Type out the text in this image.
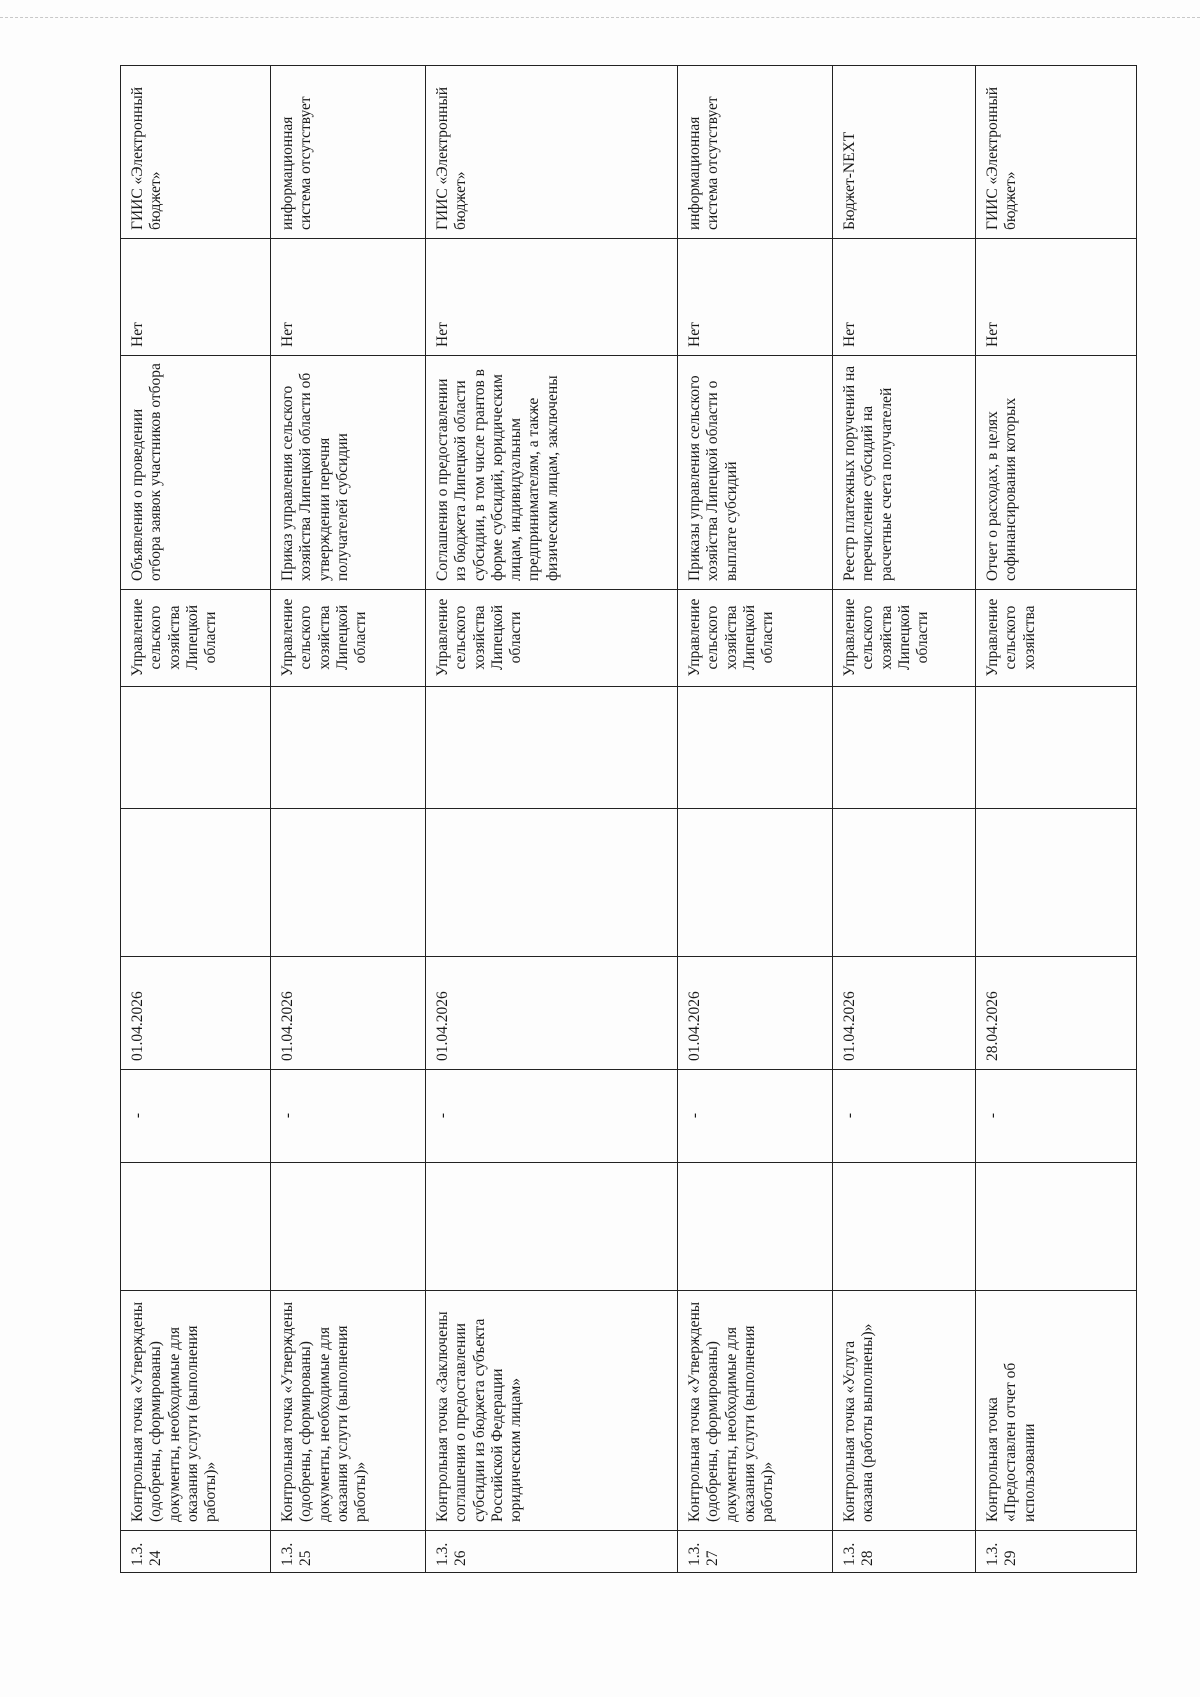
1.3.24	Контрольная точка «Утверждены (одобрены, сформированы) документы, необходимые для оказания услуги (выполнения работы)»		-	01.04.2026			Управление сельского хозяйства Липецкой области	Объявления о проведении отбора заявок участников отбора	Нет	ГИИС «Электронный бюджет»
1.3.25	Контрольная точка «Утверждены (одобрены, сформированы) документы, необходимые для оказания услуги (выполнения работы)»		-	01.04.2026			Управление сельского хозяйства Липецкой области	Приказ управления сельского хозяйства Липецкой области об утверждении перечня получателей субсидии	Нет	информационная система отсутствует
1.3.26	Контрольная точка «Заключены соглашения о предоставлении субсидии из бюджета субъекта Российской Федерации юридическим лицам»		-	01.04.2026			Управление сельского хозяйства Липецкой области	Соглашения о предоставлении из бюджета Липецкой области субсидии, в том числе грантов в форме субсидий, юридическим лицам, индивидуальным предпринимателям, а также физическим лицам, заключены	Нет	ГИИС «Электронный бюджет»
1.3.27	Контрольная точка «Утверждены (одобрены, сформированы) документы, необходимые для оказания услуги (выполнения работы)»		-	01.04.2026			Управление сельского хозяйства Липецкой области	Приказы управления сельского хозяйства Липецкой области о выплате субсидий	Нет	информационная система отсутствует
1.3.28	Контрольная точка «Услуга оказана (работы выполнены)»		-	01.04.2026			Управление сельского хозяйства Липецкой области	Реестр платежных поручений на перечисление субсидий на расчетные счета получателей	Нет	Бюджет-NEXT
1.3.29	Контрольная точка «Предоставлен отчет об использовании		-	28.04.2026			Управление сельского хозяйства	Отчет о расходах, в целях софинансирования которых	Нет	ГИИС «Электронный бюджет»
